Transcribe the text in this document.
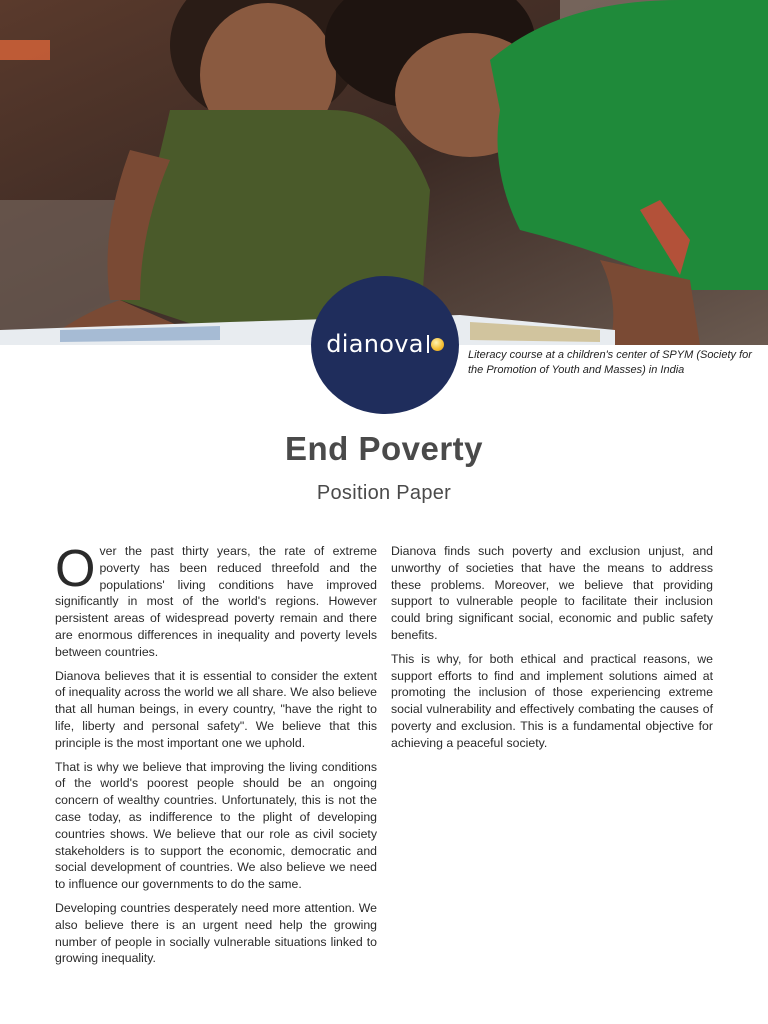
dianova	Literacy course at a children's center of SPYM (Society for the Promotion of Youth and Masses) in India
End Poverty
Position Paper

Over the past thirty years, the rate of extreme poverty has been reduced threefold and the populations' living conditions have improved significantly in most of the world's regions. However persistent areas of widespread poverty remain and there are enormous differences in inequality and poverty levels between countries.

Dianova believes that it is essential to consider the extent of inequality across the world we all share. We also believe that all human beings, in every country, "have the right to life, liberty and personal safety". We believe that this principle is the most important one we uphold.

That is why we believe that improving the living conditions of the world's poorest people should be an ongoing concern of wealthy countries. Unfortunately, this is not the case today, as indifference to the plight of developing countries shows. We believe that our role as civil society stakeholders is to support the economic, democratic and social development of countries. We also believe we need to influence our governments to do the same.

Developing countries desperately need more attention. We also believe there is an urgent need help the growing number of people in socially vulnerable situations linked to growing inequality.

Dianova finds such poverty and exclusion unjust, and unworthy of societies that have the means to address these problems. Moreover, we believe that providing support to vulnerable people to facilitate their inclusion could bring significant social, economic and public safety benefits.

This is why, for both ethical and practical reasons, we support efforts to find and implement solutions aimed at promoting the inclusion of those experiencing extreme social vulnerability and effectively combating the causes of poverty and exclusion. This is a fundamental objective for achieving a peaceful society.
